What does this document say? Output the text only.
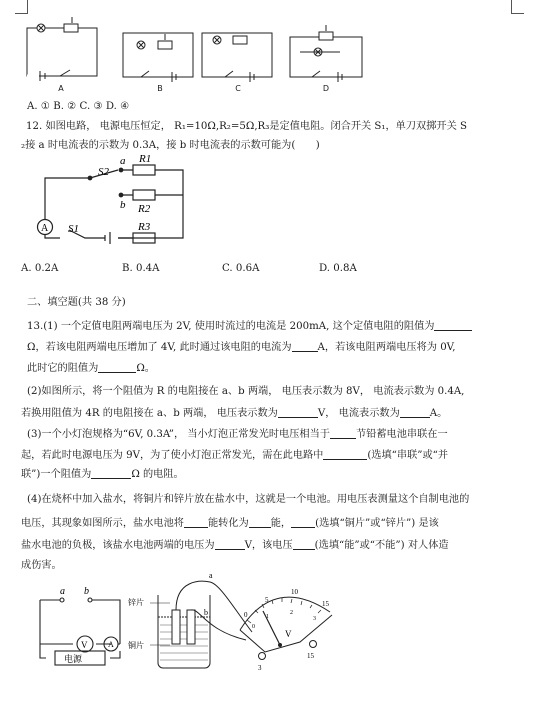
A	B	C	D
A. ① B. ② C. ③ D. ④
12. 如图电路， 电源电压恒定， R₁=10Ω,R₂=5Ω,R₃是定值电阻。闭合开关 S₁，单刀双掷开关 S
₂接 a 时电流表的示数为 0.3A，接 b 时电流表的示数可能为(　　)
S2
a
b
R1
R2
R3
S1
A
A. 0.2A	B. 0.4A	C. 0.6A	D. 0.8A
二、填空题(共 38 分)
13.(1) 一个定值电阻两端电压为 2V, 使用时流过的电流是 200mA, 这个定值电阻的阻值为
Ω，若该电阻两端电压增加了 4V, 此时通过该电阻的电流为	A，若该电阻两端电压将为 0V,
此时它的阻值为	Ω。
(2)如图所示，将一个阻值为 R 的电阻接在 a、b 两端， 电压表示数为 8V， 电流表示数为 0.4A,
若换用阻值为 4R 的电阻接在 a、b 两端， 电压表示数为	V， 电流表示数为	A。
(3)一个小灯泡规格为“6V, 0.3A”， 当小灯泡正常发光时电压相当于	节铅蓄电池串联在一
起，若此时电源电压为 9V，为了使小灯泡正常发光，需在此电路中	(选填“串联”或“并
联”)一个阻值为	Ω 的电阻。
(4)在烧杯中加入盐水，将铜片和锌片放在盐水中，这就是一个电池。用电压表测量这个自制电池的
电压，其现象如图所示，盐水电池将 能转化为 能， (选填“铜片”或“锌片”) 是该
盐水电池的负极，该盐水电池两端的电压为	V，该电压 (选填“能”或“不能”) 对人体造
成伤害。
a b
V	A
电源
锌片
铜片
a
b	0
5
10
15
0
1
2
3
V
3
15
